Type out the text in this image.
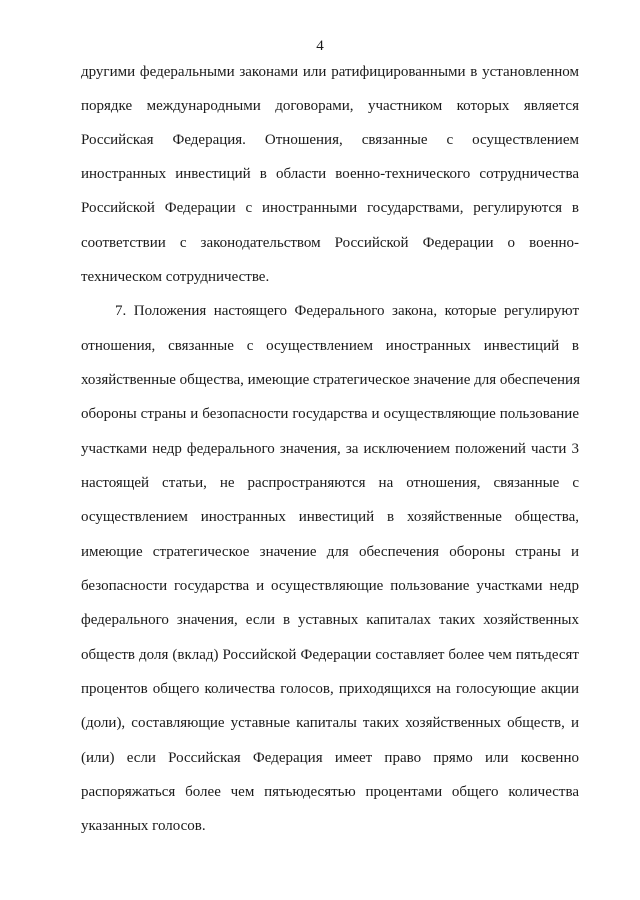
4
другими федеральными законами или ратифицированными в установленном
порядке международными договорами, участником которых является
Российская Федерация. Отношения, связанные с осуществлением
иностранных инвестиций в области военно-технического сотрудничества
Российской Федерации с иностранными государствами, регулируются в
соответствии с законодательством Российской Федерации о военно-
техническом сотрудничестве.
7. Положения настоящего Федерального закона, которые регулируют
отношения, связанные с осуществлением иностранных инвестиций в
хозяйственные общества, имеющие стратегическое значение для обеспечения
обороны страны и безопасности государства и осуществляющие пользование
участками недр федерального значения, за исключением положений части 3
настоящей статьи, не распространяются на отношения, связанные с
осуществлением иностранных инвестиций в хозяйственные общества,
имеющие стратегическое значение для обеспечения обороны страны и
безопасности государства и осуществляющие пользование участками недр
федерального значения, если в уставных капиталах таких хозяйственных
обществ доля (вклад) Российской Федерации составляет более чем пятьдесят
процентов общего количества голосов, приходящихся на голосующие акции
(доли), составляющие уставные капиталы таких хозяйственных обществ, и
(или) если Российская Федерация имеет право прямо или косвенно
распоряжаться более чем пятьюдесятью процентами общего количества
указанных голосов.
